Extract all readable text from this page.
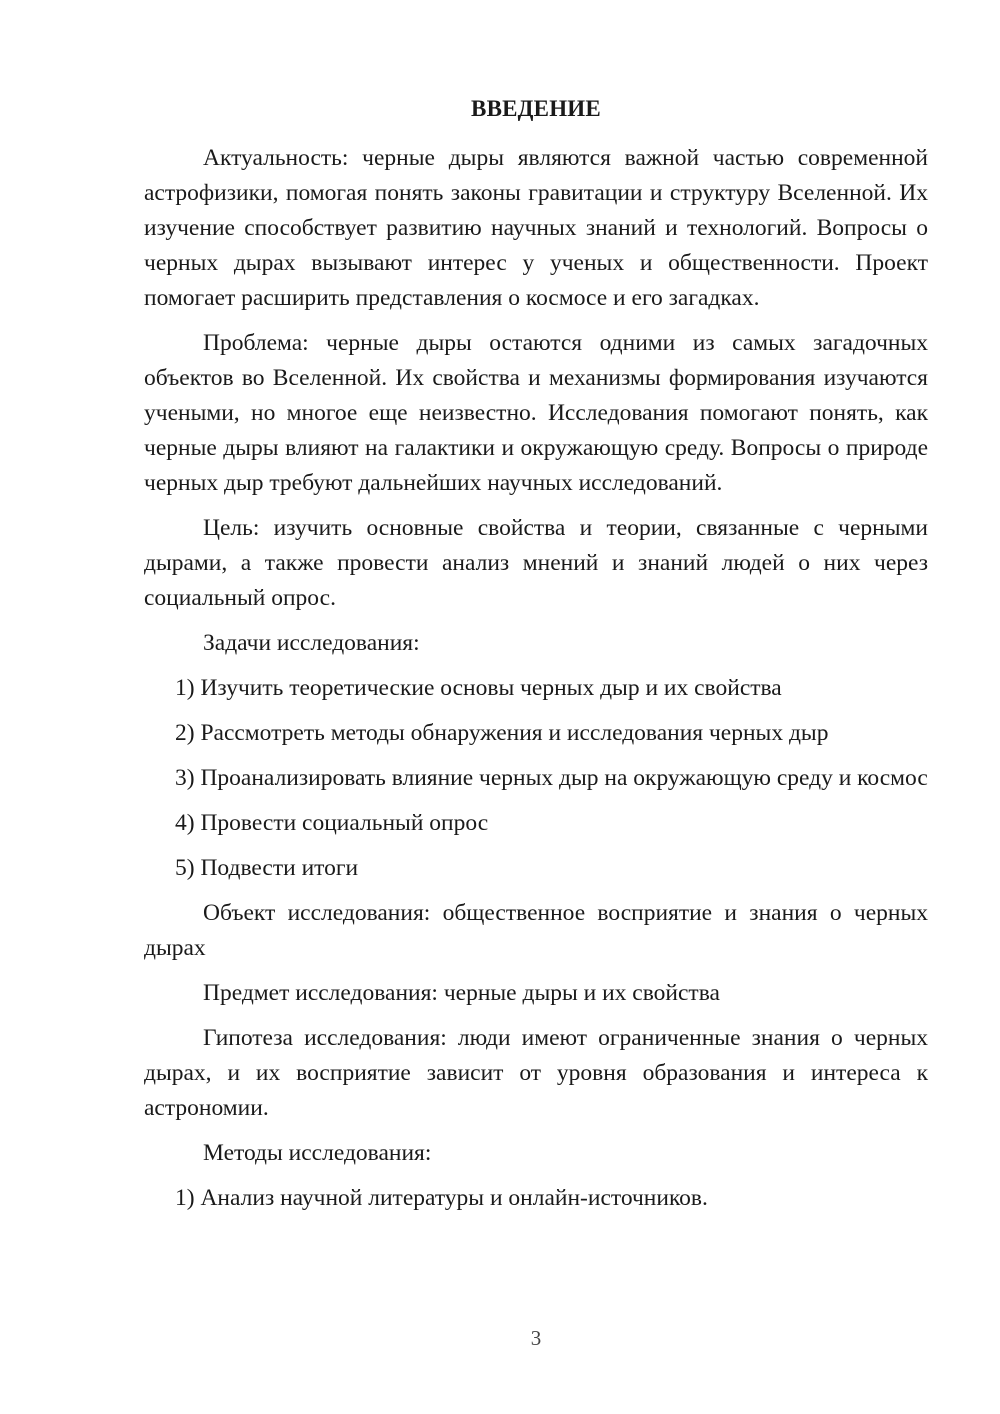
ВВЕДЕНИЕ

Актуальность: черные дыры являются важной частью современной астрофизики, помогая понять законы гравитации и структуру Вселенной. Их изучение способствует развитию научных знаний и технологий. Вопросы о черных дырах вызывают интерес у ученых и общественности. Проект помогает расширить представления о космосе и его загадках.

Проблема: черные дыры остаются одними из самых загадочных объектов во Вселенной. Их свойства и механизмы формирования изучаются учеными, но многое еще неизвестно. Исследования помогают понять, как черные дыры влияют на галактики и окружающую среду. Вопросы о природе черных дыр требуют дальнейших научных исследований.

Цель: изучить основные свойства и теории, связанные с черными дырами, а также провести анализ мнений и знаний людей о них через социальный опрос.

Задачи исследования:

1) Изучить теоретические основы черных дыр и их свойства

2) Рассмотреть методы обнаружения и исследования черных дыр

3) Проанализировать влияние черных дыр на окружающую среду и космос

4) Провести социальный опрос

5) Подвести итоги

Объект исследования: общественное восприятие и знания о черных дырах

Предмет исследования: черные дыры и их свойства

Гипотеза исследования: люди имеют ограниченные знания о черных дырах, и их восприятие зависит от уровня образования и интереса к астрономии.

Методы исследования:

1) Анализ научной литературы и онлайн-источников.

3
